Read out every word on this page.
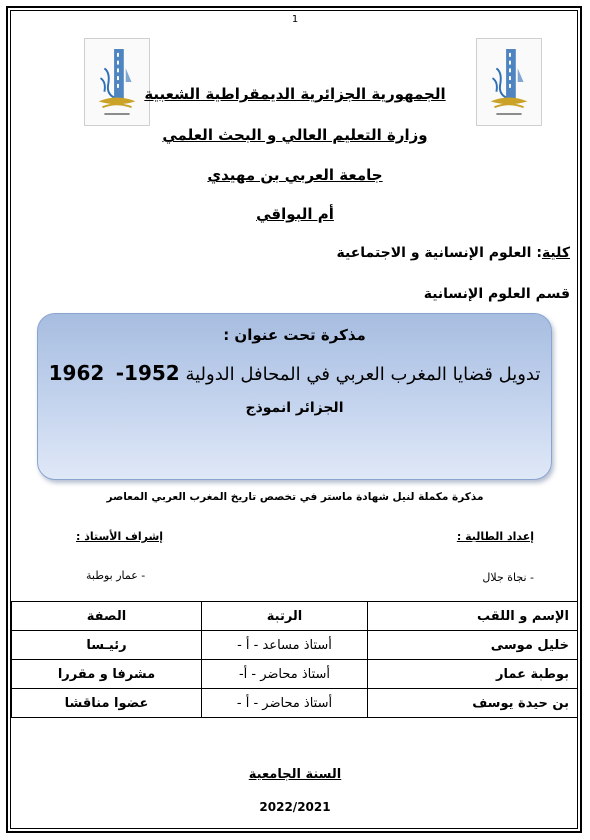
1
الجمهورية الجزائرية الديمقراطية الشعبية
وزارة التعليم العالي و البحث العلمي
جامعة العربي بن مهيدي
أم البواقي
كلية: العلوم الإنسانية و الاجتماعية
قسم العلوم الإنسانية
مذكرة تحت عنوان :
تدويل قضايا المغرب العربي في المحافل الدولية 1952-  1962
الجزائر انموذج
مذكرة مكملة لنيل شهادة ماستر في تخصص تاريخ المغرب العربي المعاصر
إعداد الطالبة :
إشراف الأستاذ :
- نجاة جلال
- عمار بوطبة
الإسم و اللقب	الرتبة	الصفة
خليل موسى	أستاذ مساعد - أ -	رئيـسا
بوطبة عمار	أستاذ محاضر - أ-	مشرفا و مقررا
بن حيدة يوسف	أستاذ محاضر - أ -	عضوا مناقشا
السنة الجامعية
2022/2021
